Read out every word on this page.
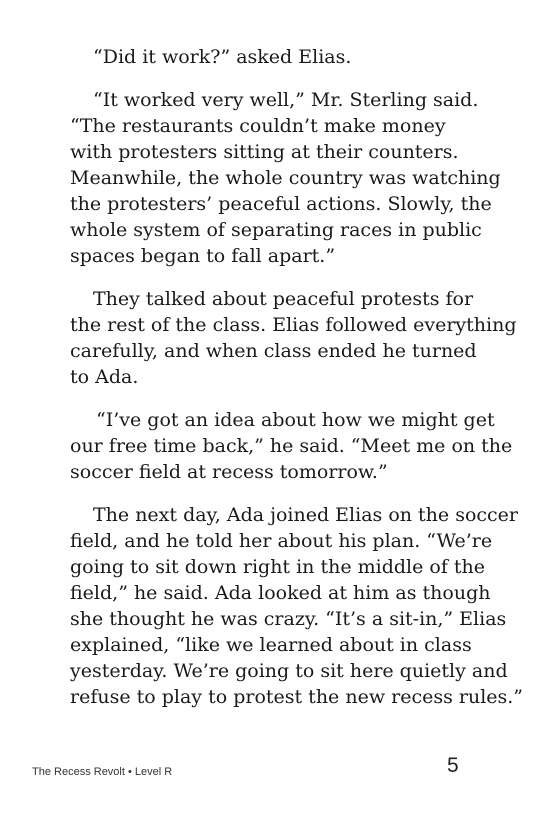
“Did it work?” asked Elias.
“It worked very well,” Mr. Sterling said.
“The restaurants couldn’t make money
with protesters sitting at their counters.
Meanwhile, the whole country was watching
the protesters’ peaceful actions. Slowly, the
whole system of separating races in public
spaces began to fall apart.”
They talked about peaceful protests for
the rest of the class. Elias followed everything
carefully, and when class ended he turned
to Ada.
“I’ve got an idea about how we might get
our free time back,” he said. “Meet me on the
soccer field at recess tomorrow.”
The next day, Ada joined Elias on the soccer
field, and he told her about his plan. “We’re
going to sit down right in the middle of the
field,” he said. Ada looked at him as though
she thought he was crazy. “It’s a sit-in,” Elias
explained, “like we learned about in class
yesterday. We’re going to sit here quietly and
refuse to play to protest the new recess rules.”
The Recess Revolt • Level R	5
